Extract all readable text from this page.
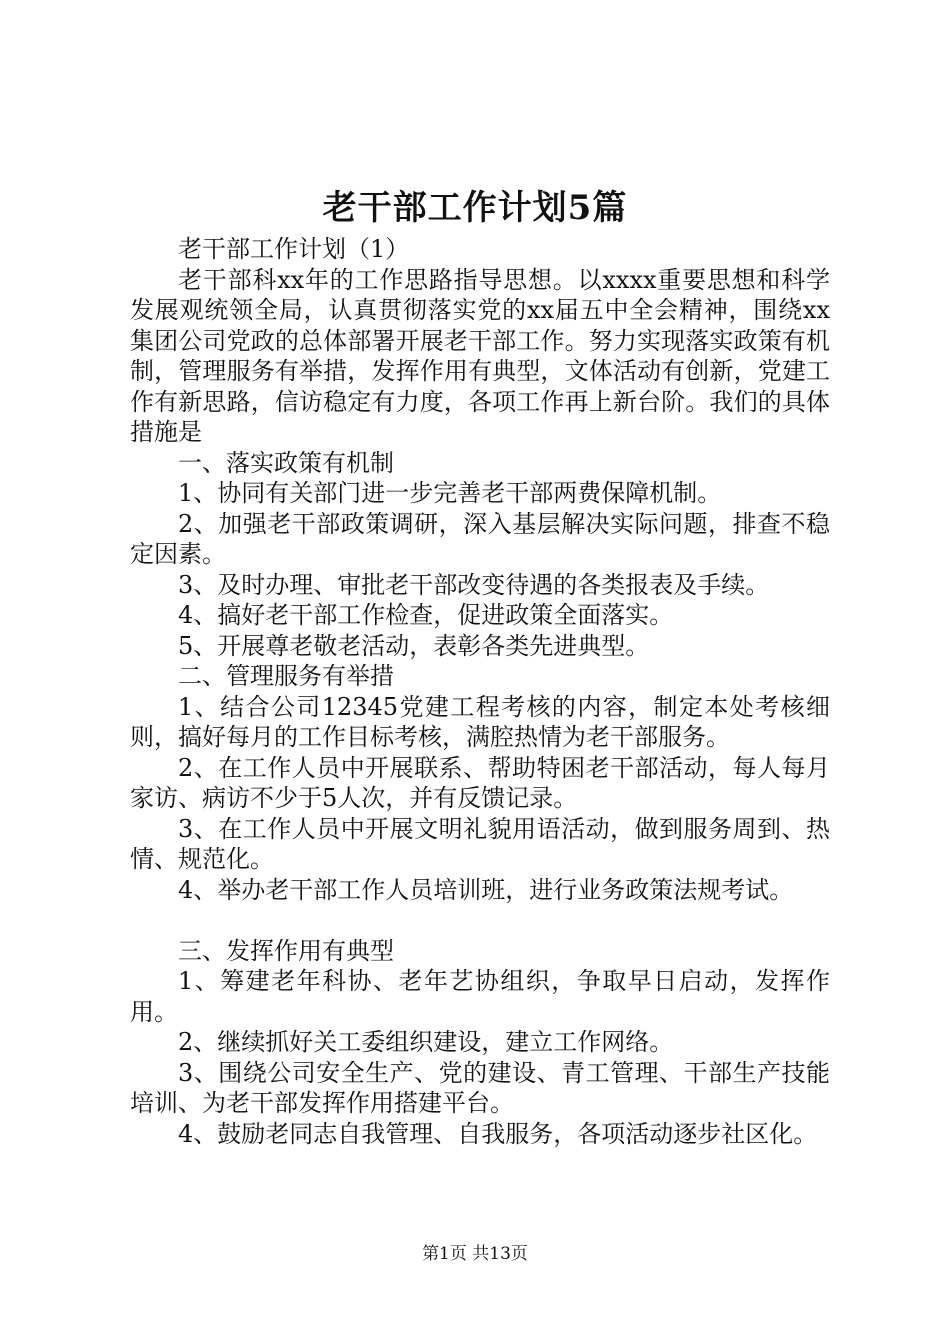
老干部工作计划5篇

老干部工作计划（1）

老干部科xx年的工作思路指导思想。以xxxx重要思想和科学发展观统领全局，认真贯彻落实党的xx届五中全会精神，围绕xx集团公司党政的总体部署开展老干部工作。努力实现落实政策有机制，管理服务有举措，发挥作用有典型，文体活动有创新，党建工作有新思路，信访稳定有力度，各项工作再上新台阶。我们的具体措施是

一、落实政策有机制

1、协同有关部门进一步完善老干部两费保障机制。

2、加强老干部政策调研，深入基层解决实际问题，排查不稳定因素。

3、及时办理、审批老干部改变待遇的各类报表及手续。

4、搞好老干部工作检查，促进政策全面落实。

5、开展尊老敬老活动，表彰各类先进典型。

二、管理服务有举措

1、结合公司12345党建工程考核的内容，制定本处考核细则，搞好每月的工作目标考核，满腔热情为老干部服务。

2、在工作人员中开展联系、帮助特困老干部活动，每人每月家访、病访不少于5人次，并有反馈记录。

3、在工作人员中开展文明礼貌用语活动，做到服务周到、热情、规范化。

4、举办老干部工作人员培训班，进行业务政策法规考试。

三、发挥作用有典型

1、筹建老年科协、老年艺协组织，争取早日启动，发挥作用。

2、继续抓好关工委组织建设，建立工作网络。

3、围绕公司安全生产、党的建设、青工管理、干部生产技能培训、为老干部发挥作用搭建平台。

4、鼓励老同志自我管理、自我服务，各项活动逐步社区化。

第1页 共13页
